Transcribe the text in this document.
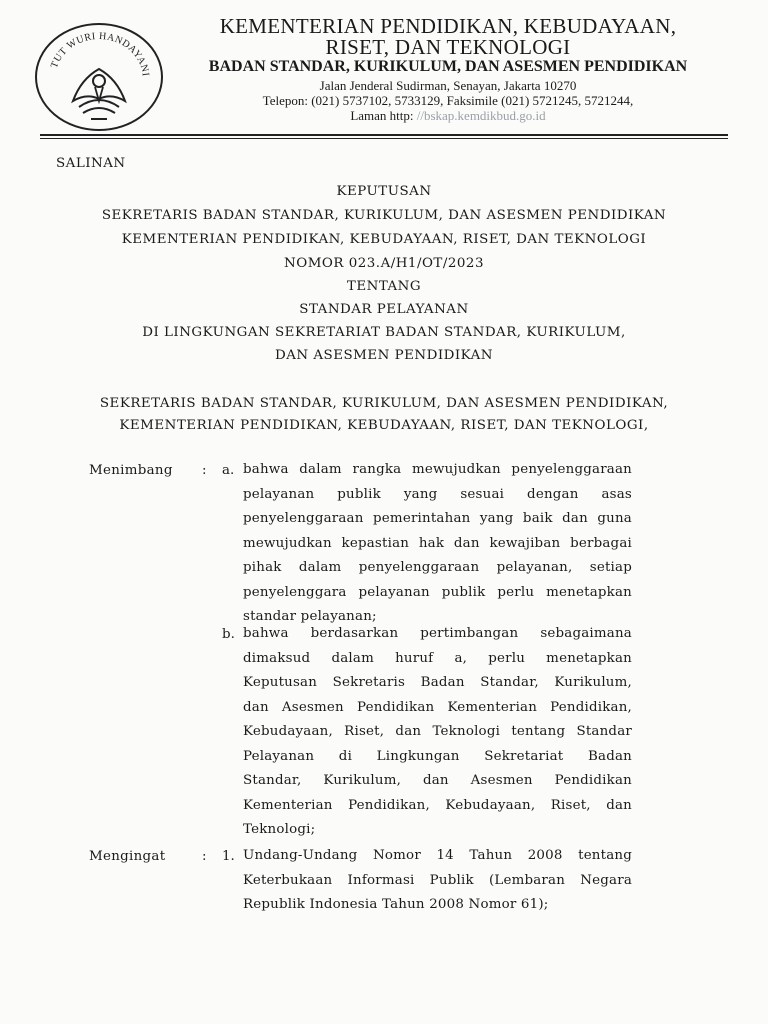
TUT WURI HANDAYANI
KEMENTERIAN PENDIDIKAN, KEBUDAYAAN,
RISET, DAN TEKNOLOGI
BADAN STANDAR, KURIKULUM, DAN ASESMEN PENDIDIKAN
Jalan Jenderal Sudirman, Senayan, Jakarta 10270
Telepon: (021) 5737102, 5733129, Faksimile (021) 5721245, 5721244,
Laman http: //bskap.kemdikbud.go.id
SALINAN
KEPUTUSAN
SEKRETARIS BADAN STANDAR, KURIKULUM, DAN ASESMEN PENDIDIKAN
KEMENTERIAN PENDIDIKAN, KEBUDAYAAN, RISET, DAN TEKNOLOGI
NOMOR 023.A/H1/OT/2023
TENTANG
STANDAR PELAYANAN
DI LINGKUNGAN SEKRETARIAT BADAN STANDAR, KURIKULUM,
DAN ASESMEN PENDIDIKAN
SEKRETARIS BADAN STANDAR, KURIKULUM, DAN ASESMEN PENDIDIKAN,
KEMENTERIAN PENDIDIKAN, KEBUDAYAAN, RISET, DAN TEKNOLOGI,
Menimbang : a. bahwa dalam rangka mewujudkan penyelenggaraan
pelayanan publik yang sesuai dengan asas
penyelenggaraan pemerintahan yang baik dan guna
mewujudkan kepastian hak dan kewajiban berbagai
pihak dalam penyelenggaraan pelayanan, setiap
penyelenggara pelayanan publik perlu menetapkan
standar pelayanan;
b. bahwa berdasarkan pertimbangan sebagaimana
dimaksud dalam huruf a, perlu menetapkan
Keputusan Sekretaris Badan Standar, Kurikulum,
dan Asesmen Pendidikan Kementerian Pendidikan,
Kebudayaan, Riset, dan Teknologi tentang Standar
Pelayanan di Lingkungan Sekretariat Badan
Standar, Kurikulum, dan Asesmen Pendidikan
Kementerian Pendidikan, Kebudayaan, Riset, dan
Teknologi;
Mengingat	: 1. Undang-Undang Nomor 14 Tahun 2008 tentang
Keterbukaan Informasi Publik (Lembaran Negara
Republik Indonesia Tahun 2008 Nomor 61);
